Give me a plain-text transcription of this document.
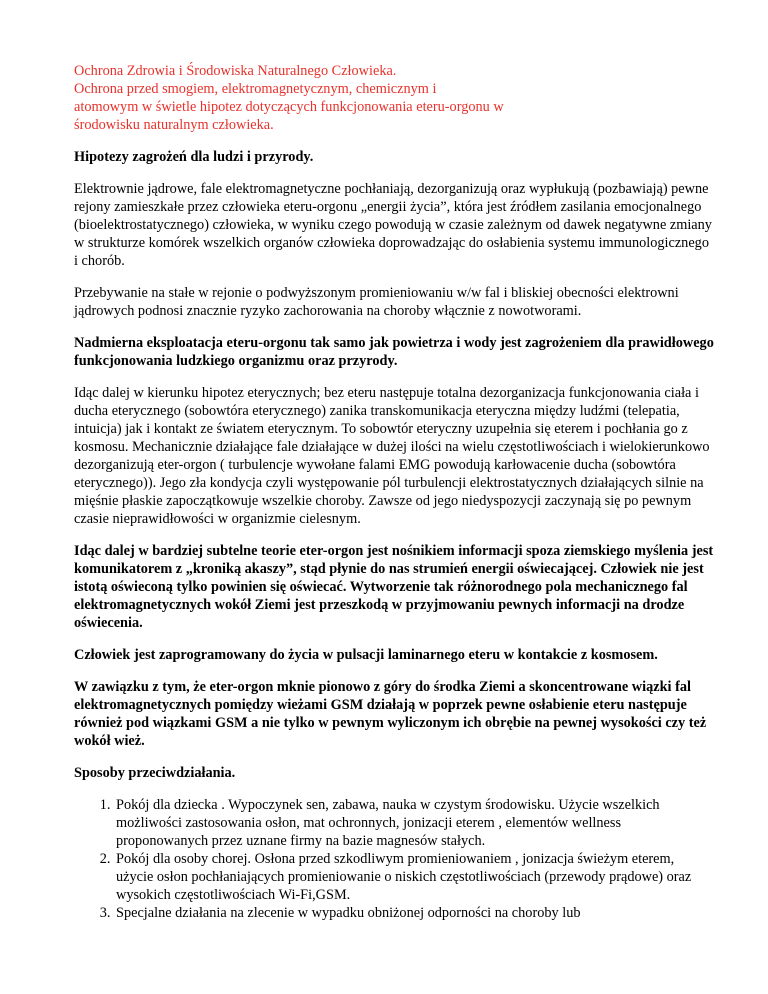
Ochrona Zdrowia i Środowiska Naturalnego Człowieka.
Ochrona przed smogiem, elektromagnetycznym, chemicznym i
atomowym w świetle hipotez dotyczących funkcjonowania eteru-orgonu w
środowisku naturalnym człowieka.

Hipotezy zagrożeń dla ludzi i przyrody.

Elektrownie jądrowe, fale elektromagnetyczne pochłaniają, dezorganizują oraz wypłukują (pozbawiają) pewne rejony zamieszkałe przez człowieka eteru-orgonu „energii życia”, która jest źródłem zasilania emocjonalnego (bioelektrostatycznego) człowieka, w wyniku czego powodują w czasie zależnym od dawek negatywne zmiany w strukturze komórek wszelkich organów człowieka doprowadzając do osłabienia systemu immunologicznego i chorób.

Przebywanie na stałe w rejonie o podwyższonym promieniowaniu w/w fal i bliskiej obecności elektrowni jądrowych podnosi znacznie ryzyko zachorowania na choroby włącznie z nowotworami.

Nadmierna eksploatacja eteru-orgonu tak samo jak powietrza i wody jest zagrożeniem dla prawidłowego funkcjonowania ludzkiego organizmu oraz przyrody.

Idąc dalej w kierunku hipotez eterycznych; bez eteru następuje totalna dezorganizacja funkcjonowania ciała i ducha eterycznego (sobowtóra eterycznego) zanika transkomunikacja eteryczna między ludźmi (telepatia, intuicja) jak i kontakt ze światem eterycznym. To sobowtór eteryczny uzupełnia się eterem i pochłania go z kosmosu. Mechanicznie działające fale działające w dużej ilości na wielu częstotliwościach i wielokierunkowo dezorganizują eter-orgon ( turbulencje wywołane falami EMG powodują karłowacenie ducha (sobowtóra eterycznego)). Jego zła kondycja czyli występowanie pól turbulencji elektrostatycznych działających silnie na mięśnie płaskie zapoczątkowuje wszelkie choroby. Zawsze od jego niedyspozycji zaczynają się po pewnym czasie nieprawidłowości w organizmie cielesnym.

Idąc dalej w bardziej subtelne teorie eter-orgon jest nośnikiem informacji spoza ziemskiego myślenia jest komunikatorem z „kroniką akaszy”, stąd płynie do nas strumień energii oświecającej. Człowiek nie jest istotą oświeconą tylko powinien się oświecać. Wytworzenie tak różnorodnego pola mechanicznego fal elektromagnetycznych wokół Ziemi jest przeszkodą w przyjmowaniu pewnych informacji na drodze oświecenia.

Człowiek jest zaprogramowany do życia w pulsacji laminarnego eteru w kontakcie z kosmosem.

W zawiązku z tym, że eter-orgon mknie pionowo z góry do środka Ziemi a skoncentrowane wiązki fal elektromagnetycznych pomiędzy wieżami GSM działają w poprzek pewne osłabienie eteru następuje również pod wiązkami GSM a nie tylko w pewnym wyliczonym ich obrębie na pewnej wysokości czy też wokół wież.

Sposoby przeciwdziałania.

1. Pokój dla dziecka . Wypoczynek sen, zabawa, nauka w czystym środowisku. Użycie wszelkich możliwości zastosowania osłon, mat ochronnych, jonizacji eterem , elementów wellness proponowanych przez uznane firmy na bazie magnesów stałych.
2. Pokój dla osoby chorej. Osłona przed szkodliwym promieniowaniem , jonizacja świeżym eterem, użycie osłon pochłaniających promieniowanie o niskich częstotliwościach (przewody prądowe) oraz wysokich częstotliwościach Wi-Fi,GSM.
3. Specjalne działania na zlecenie w wypadku obniżonej odporności na choroby lub
